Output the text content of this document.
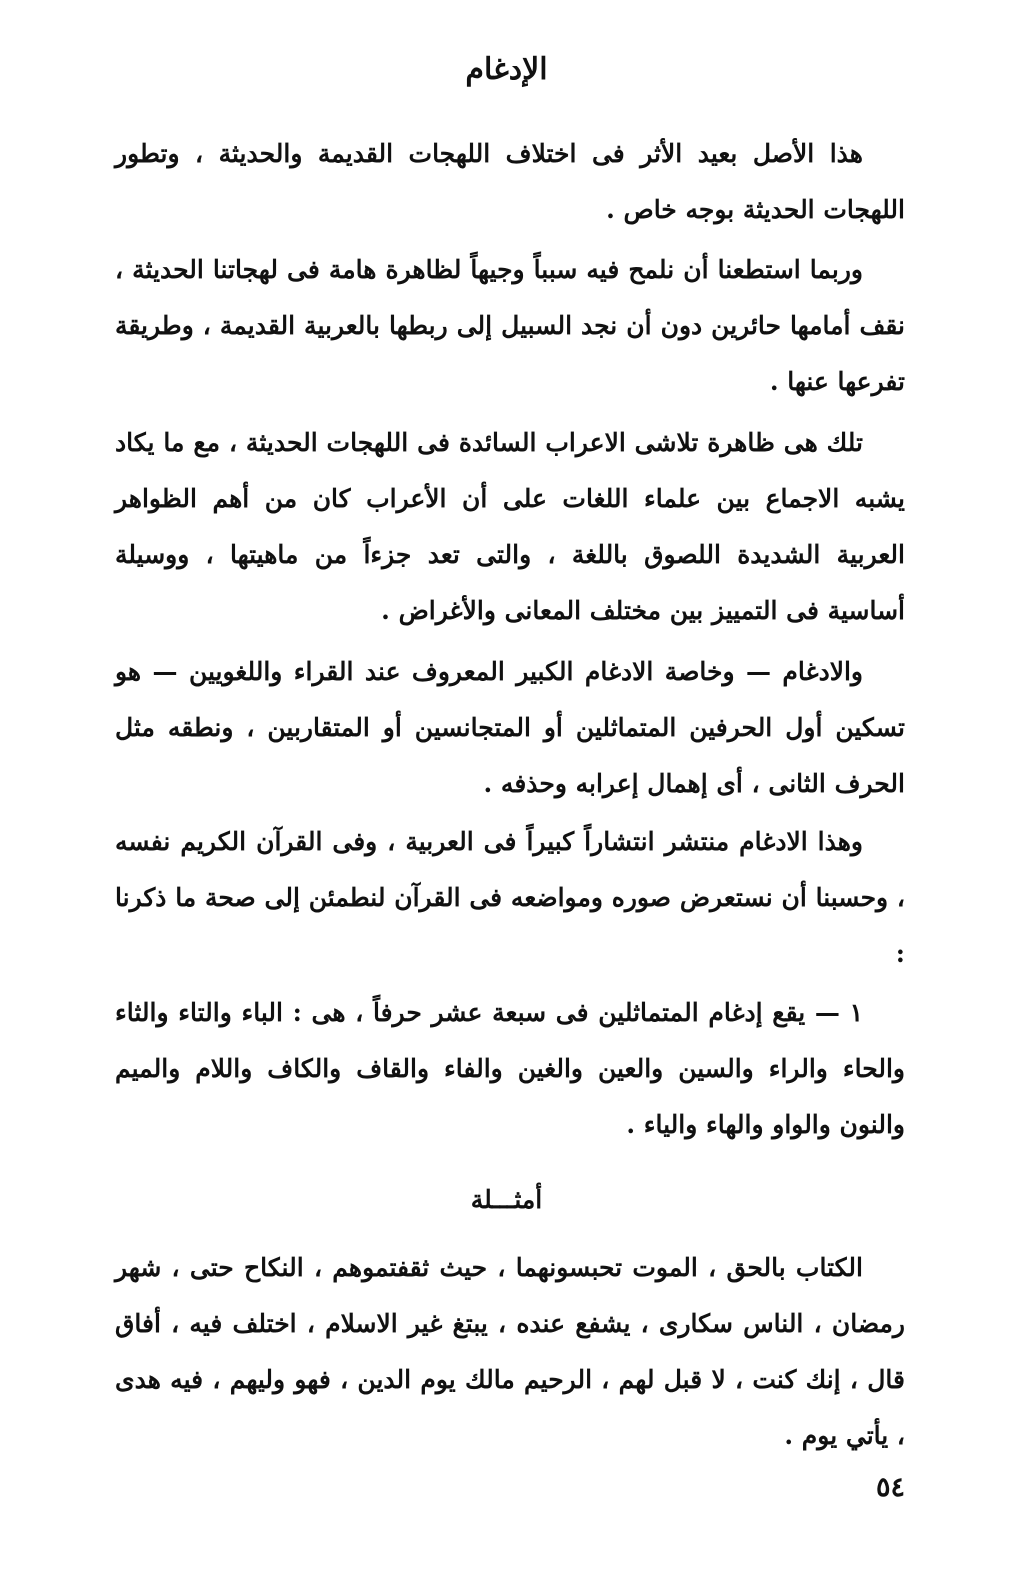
الإدغام

هذا الأصل بعيد الأثر فى اختلاف اللهجات القديمة والحديثة ، وتطور اللهجات الحديثة بوجه خاص .

وربما استطعنا أن نلمح فيه سبباً وجيهاً لظاهرة هامة فى لهجاتنا الحديثة ، نقف أمامها حائرين دون أن نجد السبيل إلى ربطها بالعربية القديمة ، وطريقة تفرعها عنها .

تلك هى ظاهرة تلاشى الاعراب السائدة فى اللهجات الحديثة ، مع ما يكاد يشبه الاجماع بين علماء اللغات على أن الأعراب كان من أهم الظواهر العربية الشديدة اللصوق باللغة ، والتى تعد جزءاً من ماهيتها ، ووسيلة أساسية فى التمييز بين مختلف المعانى والأغراض .

والادغام — وخاصة الادغام الكبير المعروف عند القراء واللغويين — هو تسكين أول الحرفين المتماثلين أو المتجانسين أو المتقاربين ، ونطقه مثل الحرف الثانى ، أى إهمال إعرابه وحذفه .

وهذا الادغام منتشر انتشاراً كبيراً فى العربية ، وفى القرآن الكريم نفسه ، وحسبنا أن نستعرض صوره ومواضعه فى القرآن لنطمئن إلى صحة ما ذكرنا :

١ — يقع إدغام المتماثلين فى سبعة عشر حرفاً ، هى : الباء والتاء والثاء والحاء والراء والسين والعين والغين والفاء والقاف والكاف واللام والميم والنون والواو والهاء والياء .

أمثـــلة

الكتاب بالحق ، الموت تحبسونهما ، حيث ثقفتموهم ، النكاح حتى ، شهر رمضان ، الناس سكارى ، يشفع عنده ، يبتغ غير الاسلام ، اختلف فيه ، أفاق قال ، إنك كنت ، لا قبل لهم ، الرحيم مالك يوم الدين ، فهو وليهم ، فيه هدى ، يأتي يوم .

٥٤
